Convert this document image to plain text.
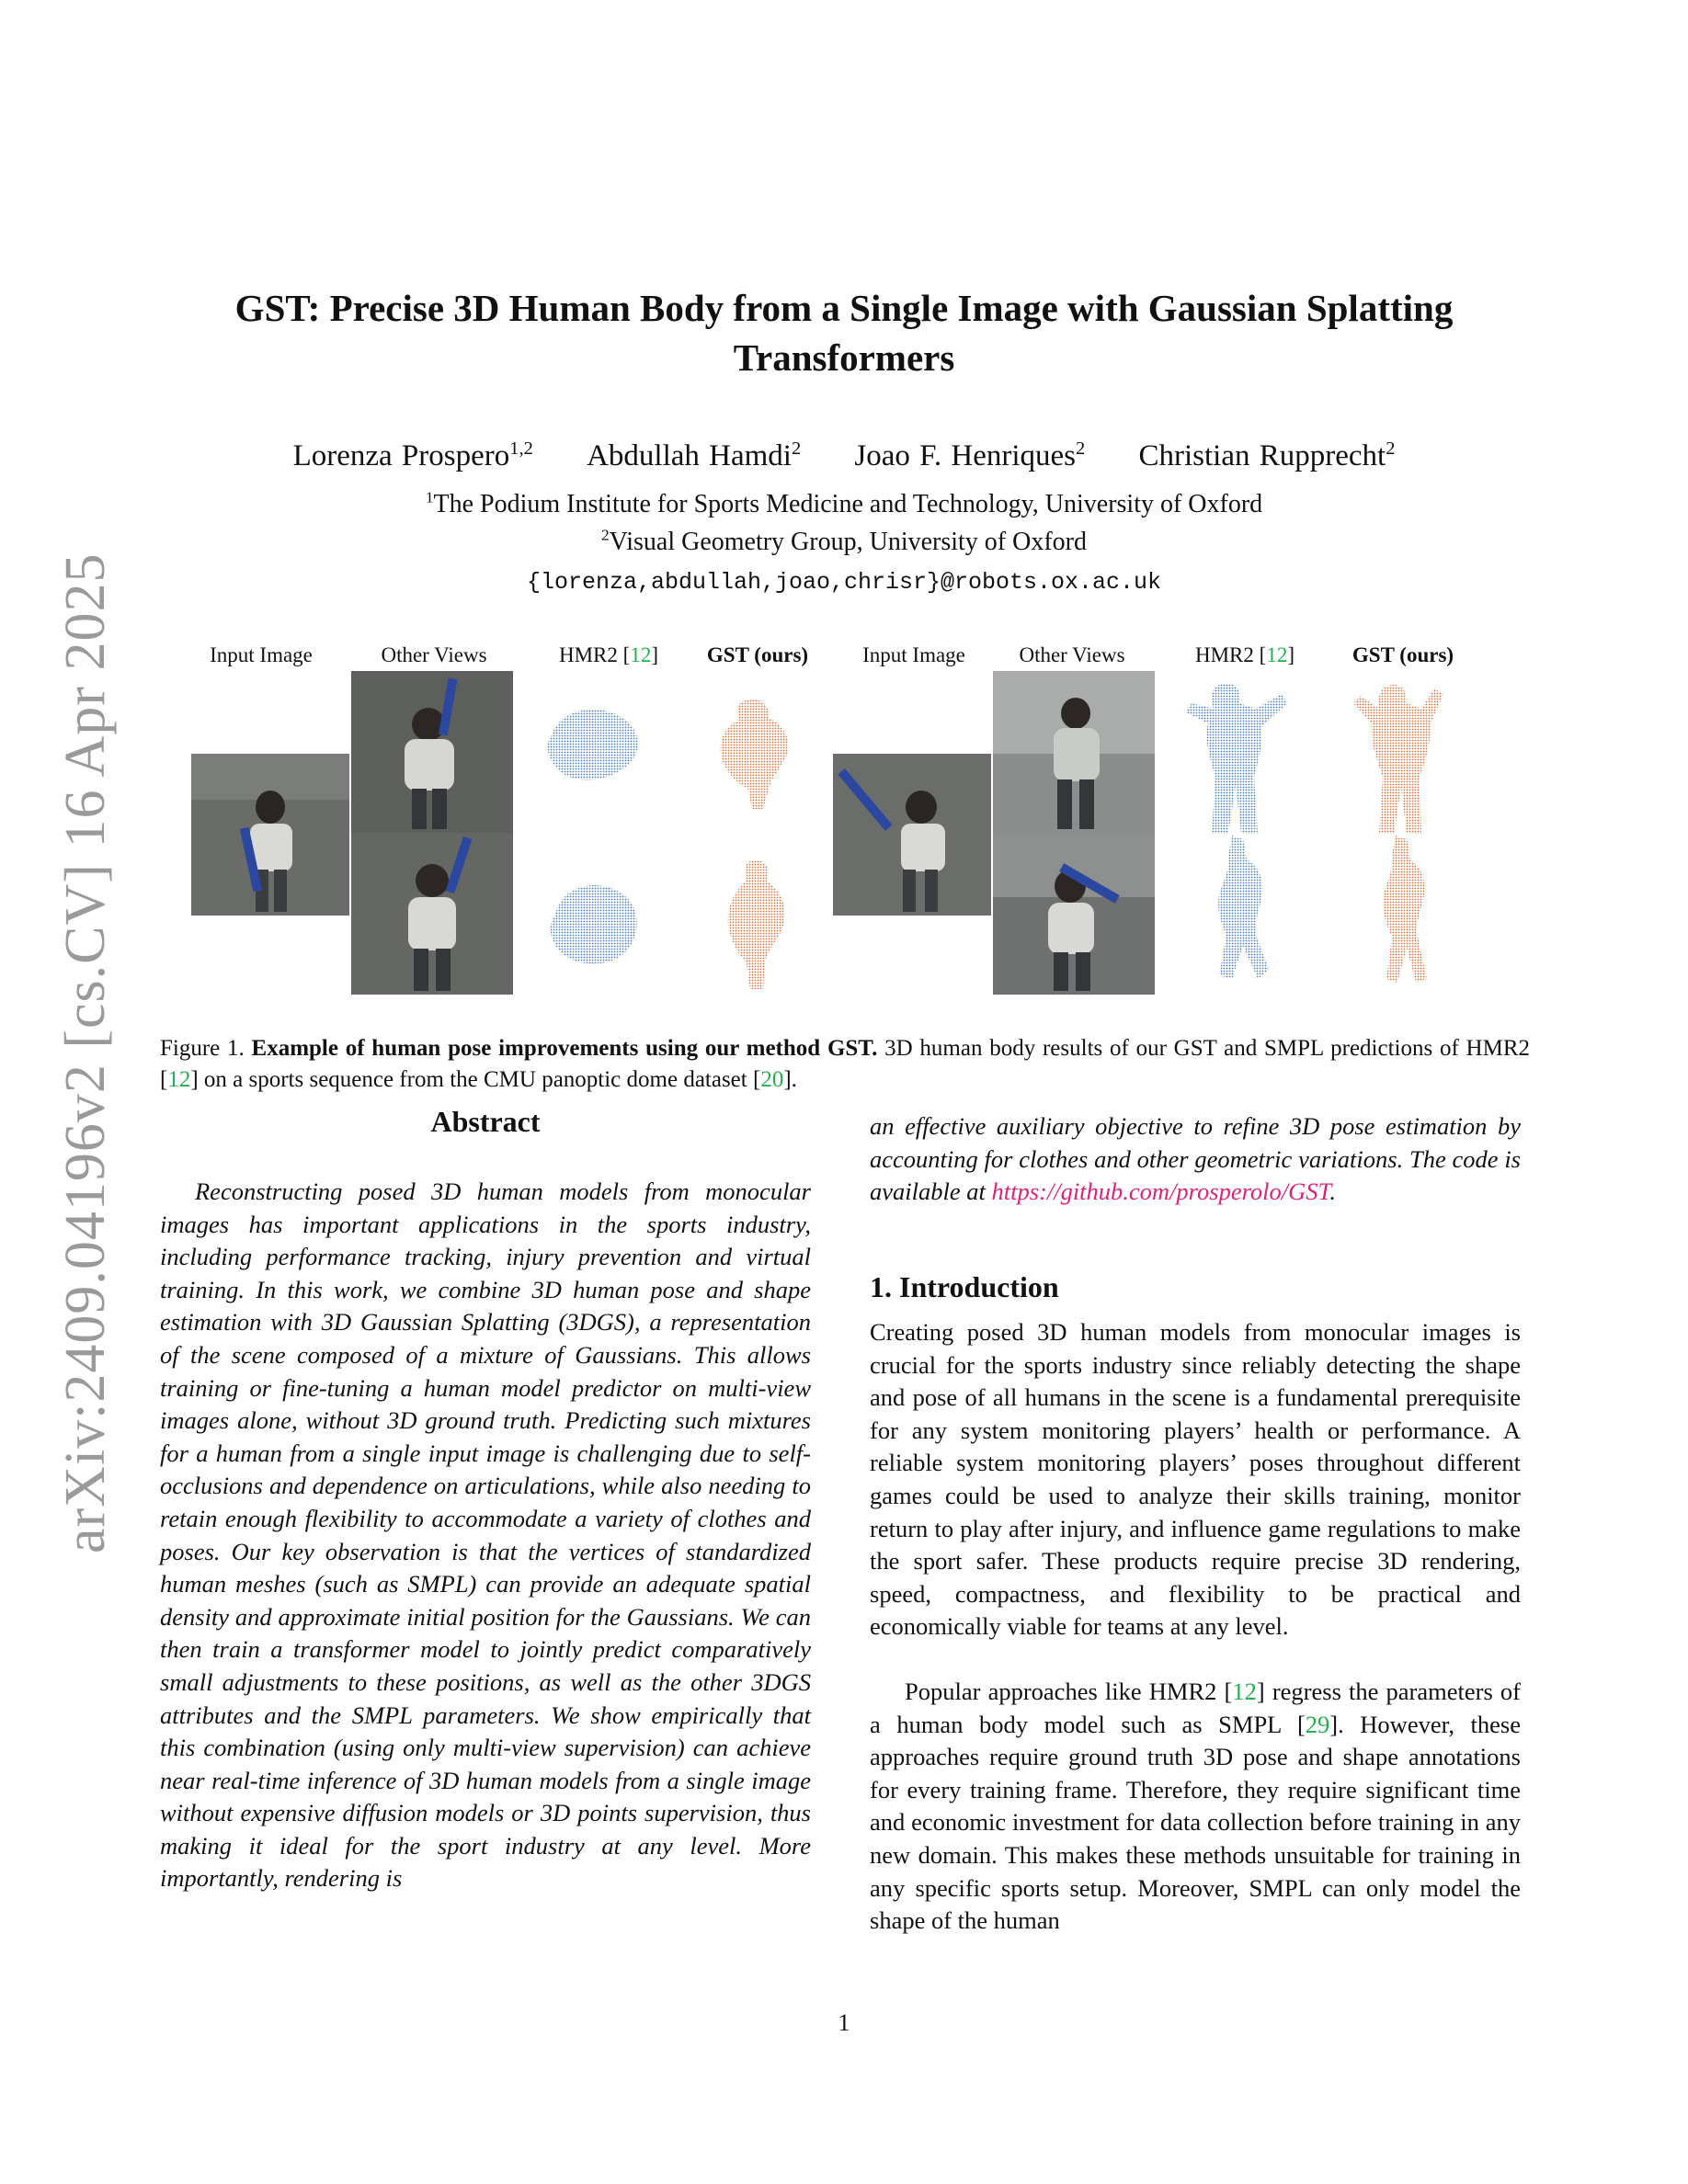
arXiv:2409.04196v2 [cs.CV] 16 Apr 2025
GST: Precise 3D Human Body from a Single Image with Gaussian Splatting
Transformers
Lorenza Prospero$^{1,2}$ Abdullah Hamdi$^2$ Joao F. Henriques$^2$ Christian Rupprecht$^2$
$^1$The Podium Institute for Sports Medicine and Technology, University of Oxford
$^2$Visual Geometry Group, University of Oxford
{lorenza,abdullah,joao,chrisr}@robots.ox.ac.uk
Input Image	Other Views	HMR2 [12]	GST (ours)	Input Image	Other Views	HMR2 [12]	GST (ours)
Figure 1. Example of human pose improvements using our method GST. 3D human body results of our GST and SMPL predictions of HMR2 [12] on a sports sequence from the CMU panoptic dome dataset [20].
Abstract

Reconstructing posed 3D human models from monocular images has important applications in the sports industry, including performance tracking, injury prevention and virtual training. In this work, we combine 3D human pose and shape estimation with 3D Gaussian Splatting (3DGS), a representation of the scene composed of a mixture of Gaussians. This allows training or fine-tuning a human model predictor on multi-view images alone, without 3D ground truth. Predicting such mixtures for a human from a single input image is challenging due to self-occlusions and dependence on articulations, while also needing to retain enough flexibility to accommodate a variety of clothes and poses. Our key observation is that the vertices of standardized human meshes (such as SMPL) can provide an adequate spatial density and approximate initial position for the Gaussians. We can then train a transformer model to jointly predict comparatively small adjustments to these positions, as well as the other 3DGS attributes and the SMPL parameters. We show empirically that this combination (using only multi-view supervision) can achieve near real-time inference of 3D human models from a single image without expensive diffusion models or 3D points supervision, thus making it ideal for the sport industry at any level. More importantly, rendering is

an effective auxiliary objective to refine 3D pose estimation by accounting for clothes and other geometric variations. The code is available at https://github.com/prosperolo/GST.

1. Introduction

Creating posed 3D human models from monocular images is crucial for the sports industry since reliably detecting the shape and pose of all humans in the scene is a fundamental prerequisite for any system monitoring players’ health or performance. A reliable system monitoring players’ poses throughout different games could be used to analyze their skills training, monitor return to play after injury, and influence game regulations to make the sport safer. These products require precise 3D rendering, speed, compactness, and flexibility to be practical and economically viable for teams at any level.

Popular approaches like HMR2 [12] regress the parameters of a human body model such as SMPL [29]. However, these approaches require ground truth 3D pose and shape annotations for every training frame. Therefore, they require significant time and economic investment for data collection before training in any new domain. This makes these methods unsuitable for training in any specific sports setup. Moreover, SMPL can only model the shape of the human

1
